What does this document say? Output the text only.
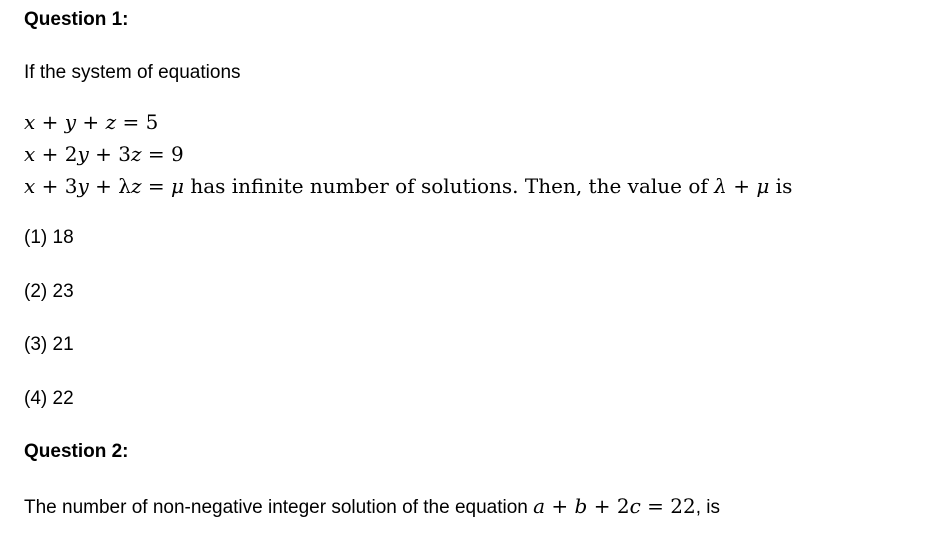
Question 1:
If the system of equations
x + y + z = 5
x + 2y + 3z = 9
x + 3y + λz = μ has infinite number of solutions. Then, the value of λ + μ is
(1) 18
(2) 23
(3) 21
(4) 22
Question 2:
The number of non-negative integer solution of the equation a + b + 2c = 22, is
